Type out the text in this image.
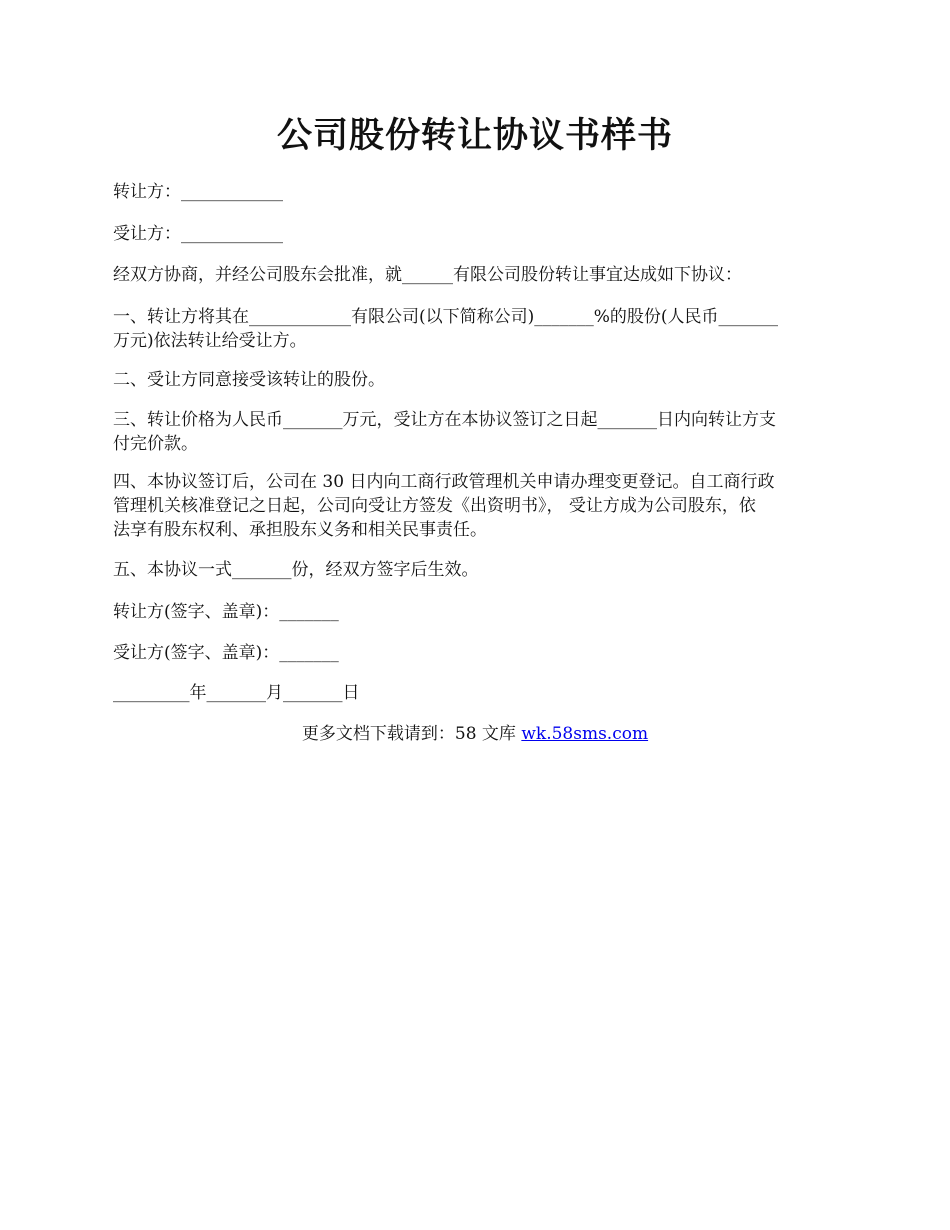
公司股份转让协议书样书

转让方：____________

受让方：____________

经双方协商，并经公司股东会批准，就______有限公司股份转让事宜达成如下协议：

一、转让方将其在____________有限公司(以下简称公司)_______%的股份(人民币_______

万元)依法转让给受让方。

二、受让方同意接受该转让的股份。

三、转让价格为人民币_______万元，受让方在本协议签订之日起_______日内向转让方支

付完价款。

四、本协议签订后，公司在 30 日内向工商行政管理机关申请办理变更登记。自工商行政

管理机关核准登记之日起，公司向受让方签发《出资明书》， 受让方成为公司股东，依

法享有股东权利、承担股东义务和相关民事责任。

五、本协议一式_______份，经双方签字后生效。

转让方(签字、盖章)：_______

受让方(签字、盖章)：_______

_________年_______月_______日

更多文档下载请到：58 文库 wk.58sms.com
